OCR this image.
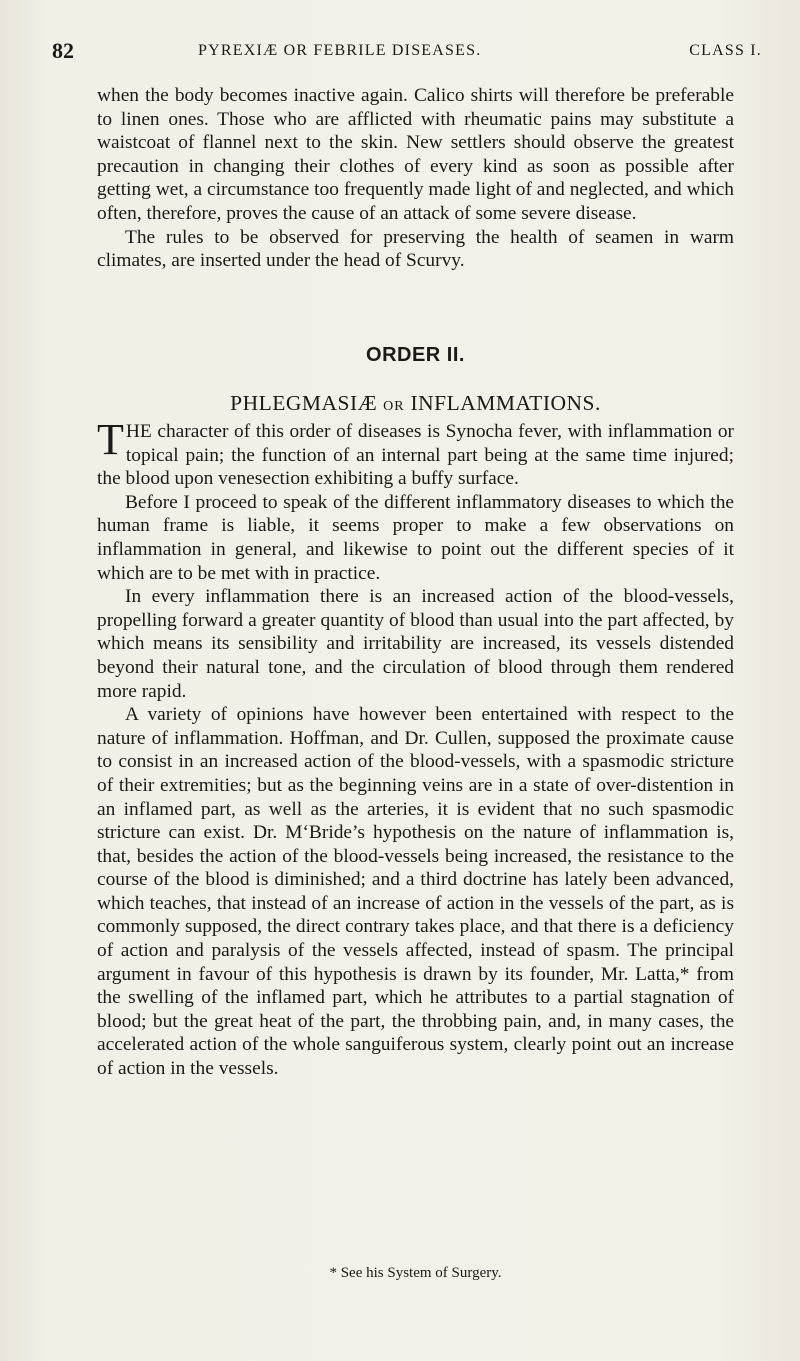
82	PYREXIÆ OR FEBRILE DISEASES.	CLASS I.

when the body becomes inactive again. Calico shirts will therefore be preferable to linen ones. Those who are afflicted with rheumatic pains may substitute a waistcoat of flannel next to the skin. New settlers should observe the greatest precaution in changing their clothes of every kind as soon as possible after getting wet, a circumstance too frequently made light of and neglected, and which often, therefore, proves the cause of an attack of some severe disease.

The rules to be observed for preserving the health of seamen in warm climates, are inserted under the head of Scurvy.

ORDER II.
PHLEGMASIÆ OR INFLAMMATIONS.

THE character of this order of diseases is Synocha fever, with inflammation or topical pain; the function of an internal part being at the same time injured; the blood upon venesection exhibiting a buffy surface.

Before I proceed to speak of the different inflammatory diseases to which the human frame is liable, it seems proper to make a few observations on inflammation in general, and likewise to point out the different species of it which are to be met with in practice.

In every inflammation there is an increased action of the blood-vessels, propelling forward a greater quantity of blood than usual into the part affected, by which means its sensibility and irritability are increased, its vessels distended beyond their natural tone, and the circulation of blood through them rendered more rapid.

A variety of opinions have however been entertained with respect to the nature of inflammation. Hoffman, and Dr. Cullen, supposed the proximate cause to consist in an increased action of the blood-vessels, with a spasmodic stricture of their extremities; but as the beginning veins are in a state of over-distention in an inflamed part, as well as the arteries, it is evident that no such spasmodic stricture can exist. Dr. M‘Bride’s hypothesis on the nature of inflammation is, that, besides the action of the blood-vessels being increased, the resistance to the course of the blood is diminished; and a third doctrine has lately been advanced, which teaches, that instead of an increase of action in the vessels of the part, as is commonly supposed, the direct contrary takes place, and that there is a deficiency of action and paralysis of the vessels affected, instead of spasm. The principal argument in favour of this hypothesis is drawn by its founder, Mr. Latta,* from the swelling of the inflamed part, which he attributes to a partial stagnation of blood; but the great heat of the part, the throbbing pain, and, in many cases, the accelerated action of the whole sanguiferous system, clearly point out an increase of action in the vessels.

* See his System of Surgery.
